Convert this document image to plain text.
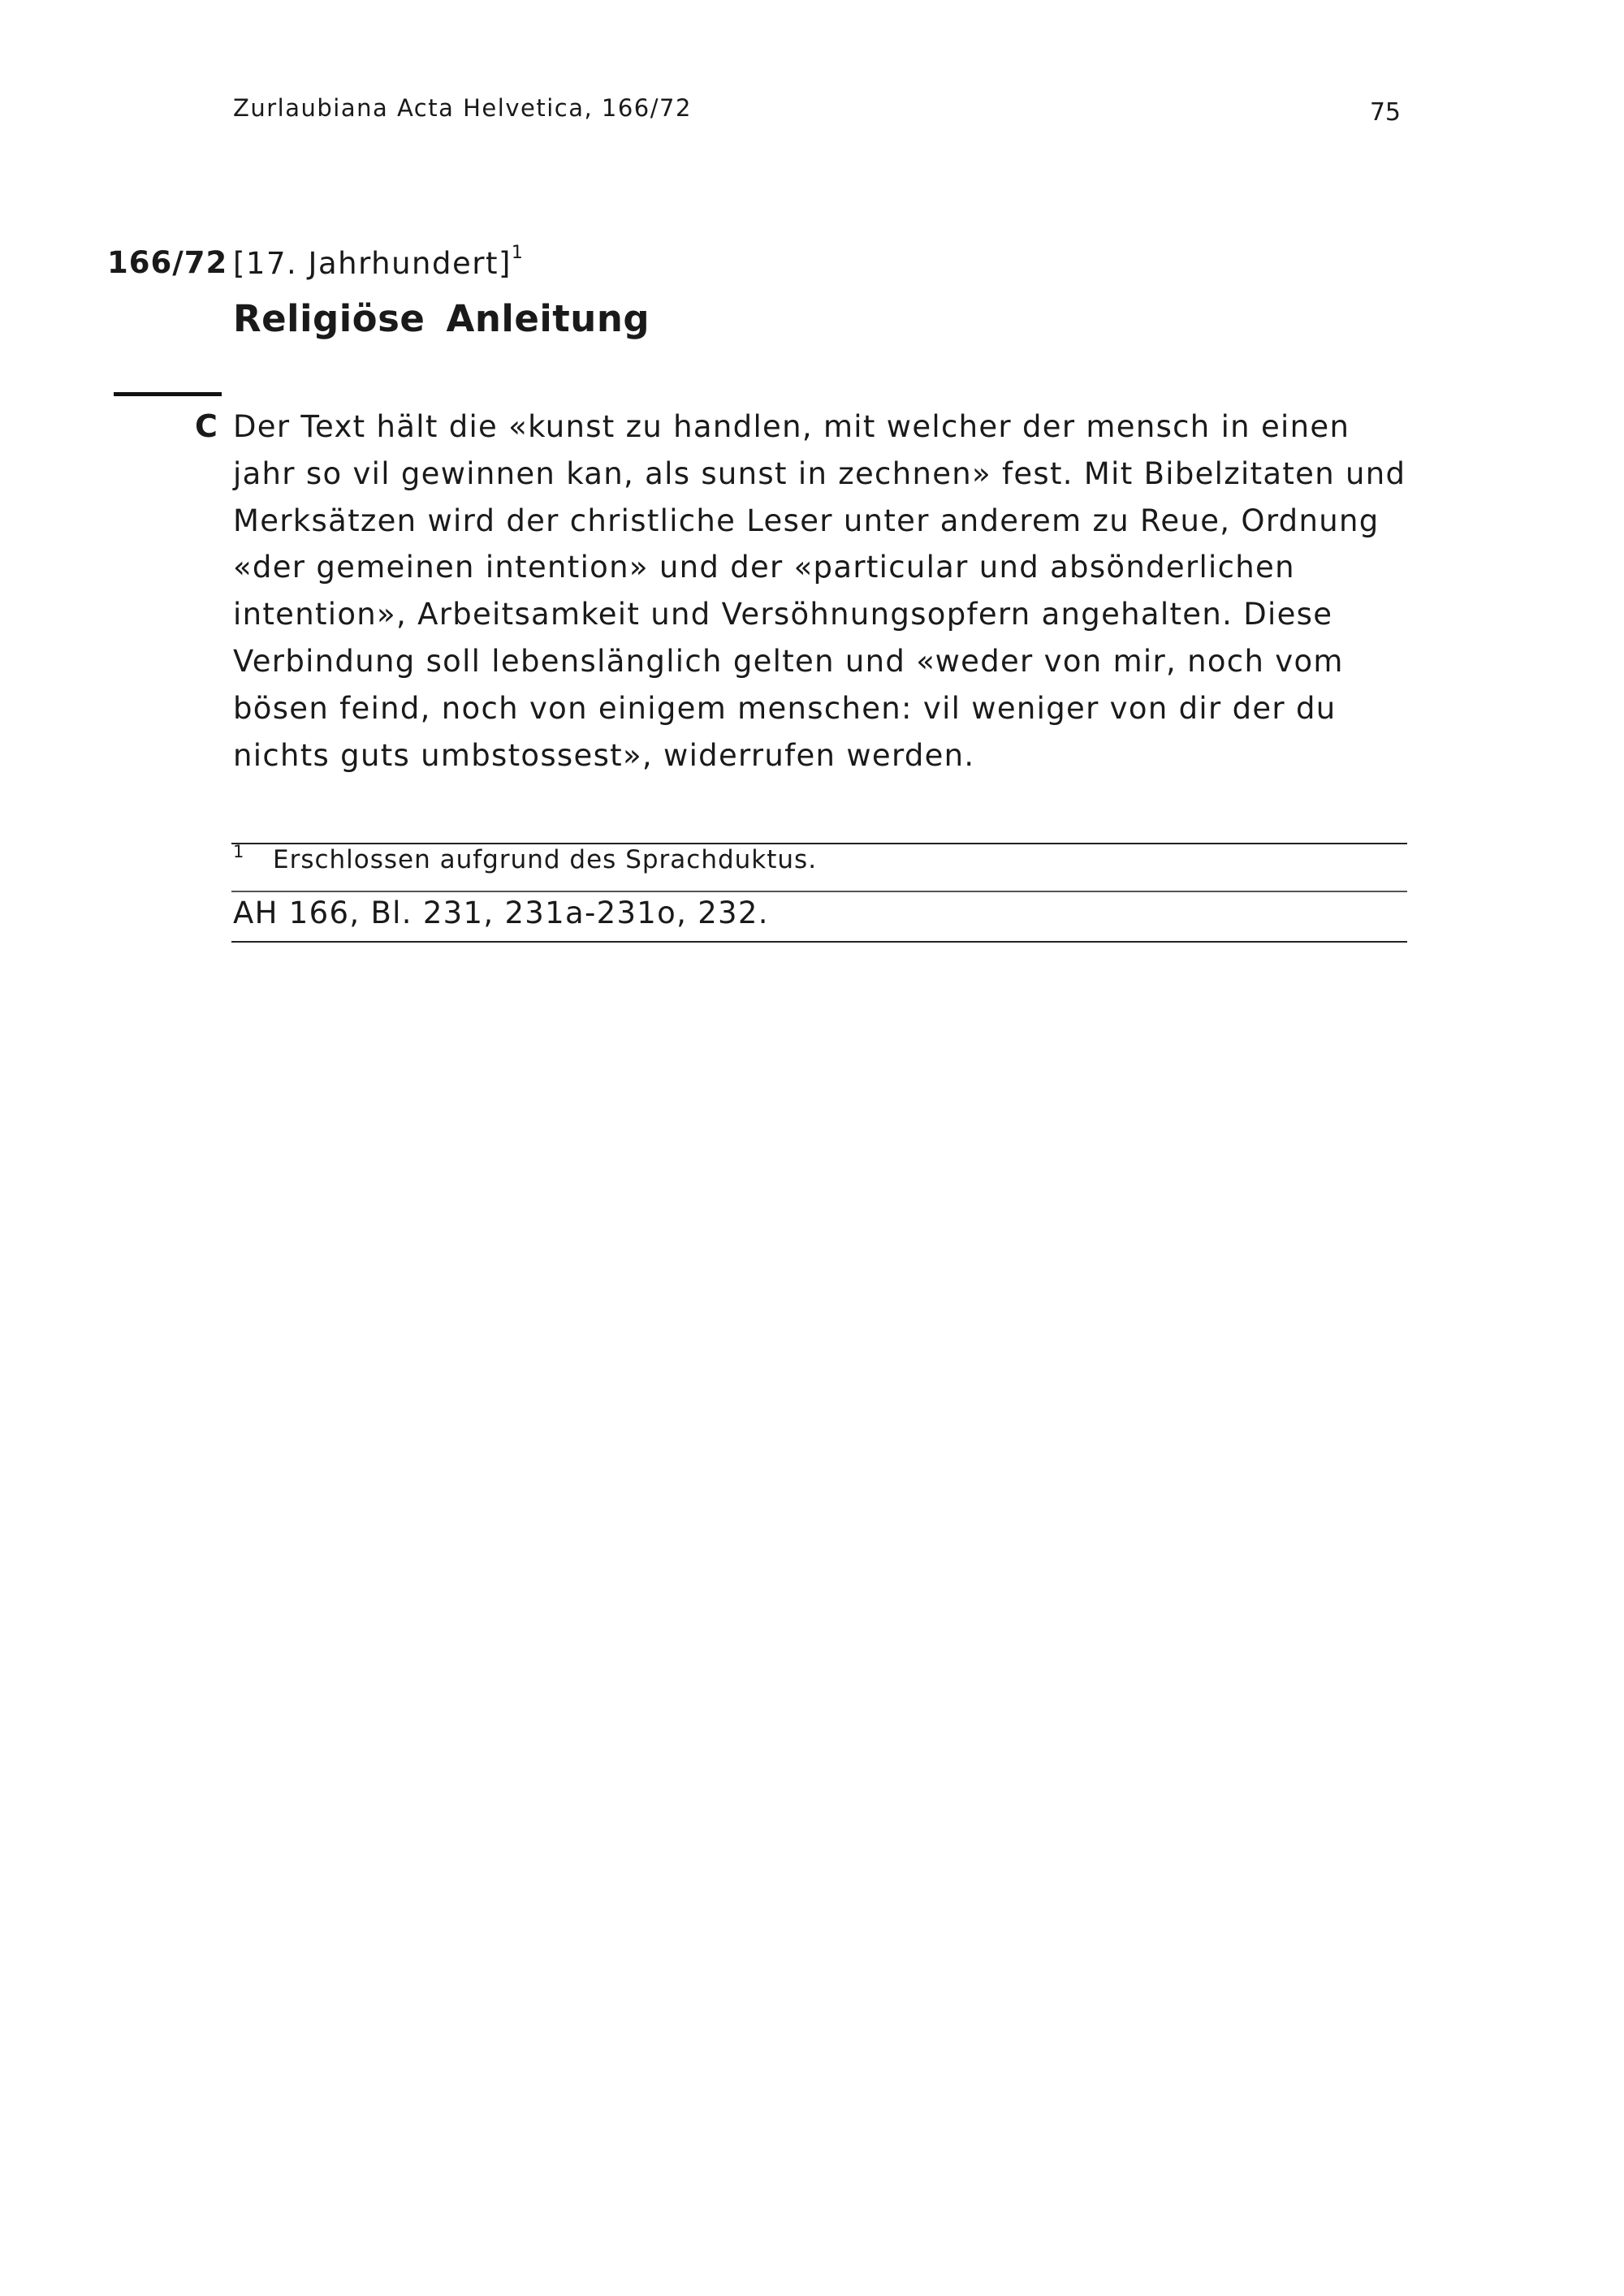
Zurlaubiana Acta Helvetica, 166/72	75
166/72 [17. Jahrhundert]$^1$
Religiöse Anleitung
C Der Text hält die «kunst zu handlen, mit welcher der mensch in einen jahr so vil gewinnen kan, als sunst in zechnen» fest. Mit Bibelzitaten und Merksätzen wird der christliche Leser unter anderem zu Reue, Ordnung «der gemeinen intention» und der «particular und absönderlichen intention», Arbeitsamkeit und Versöhnungsopfern angehalten. Diese Verbindung soll lebenslänglich gelten und «weder von mir, noch vom bösen feind, noch von einigem menschen: vil weniger von dir der du nichts guts umbstossest», widerrufen werden.

1 Erschlossen aufgrund des Sprachduktus.
AH 166, Bl. 231, 231a-231o, 232.
